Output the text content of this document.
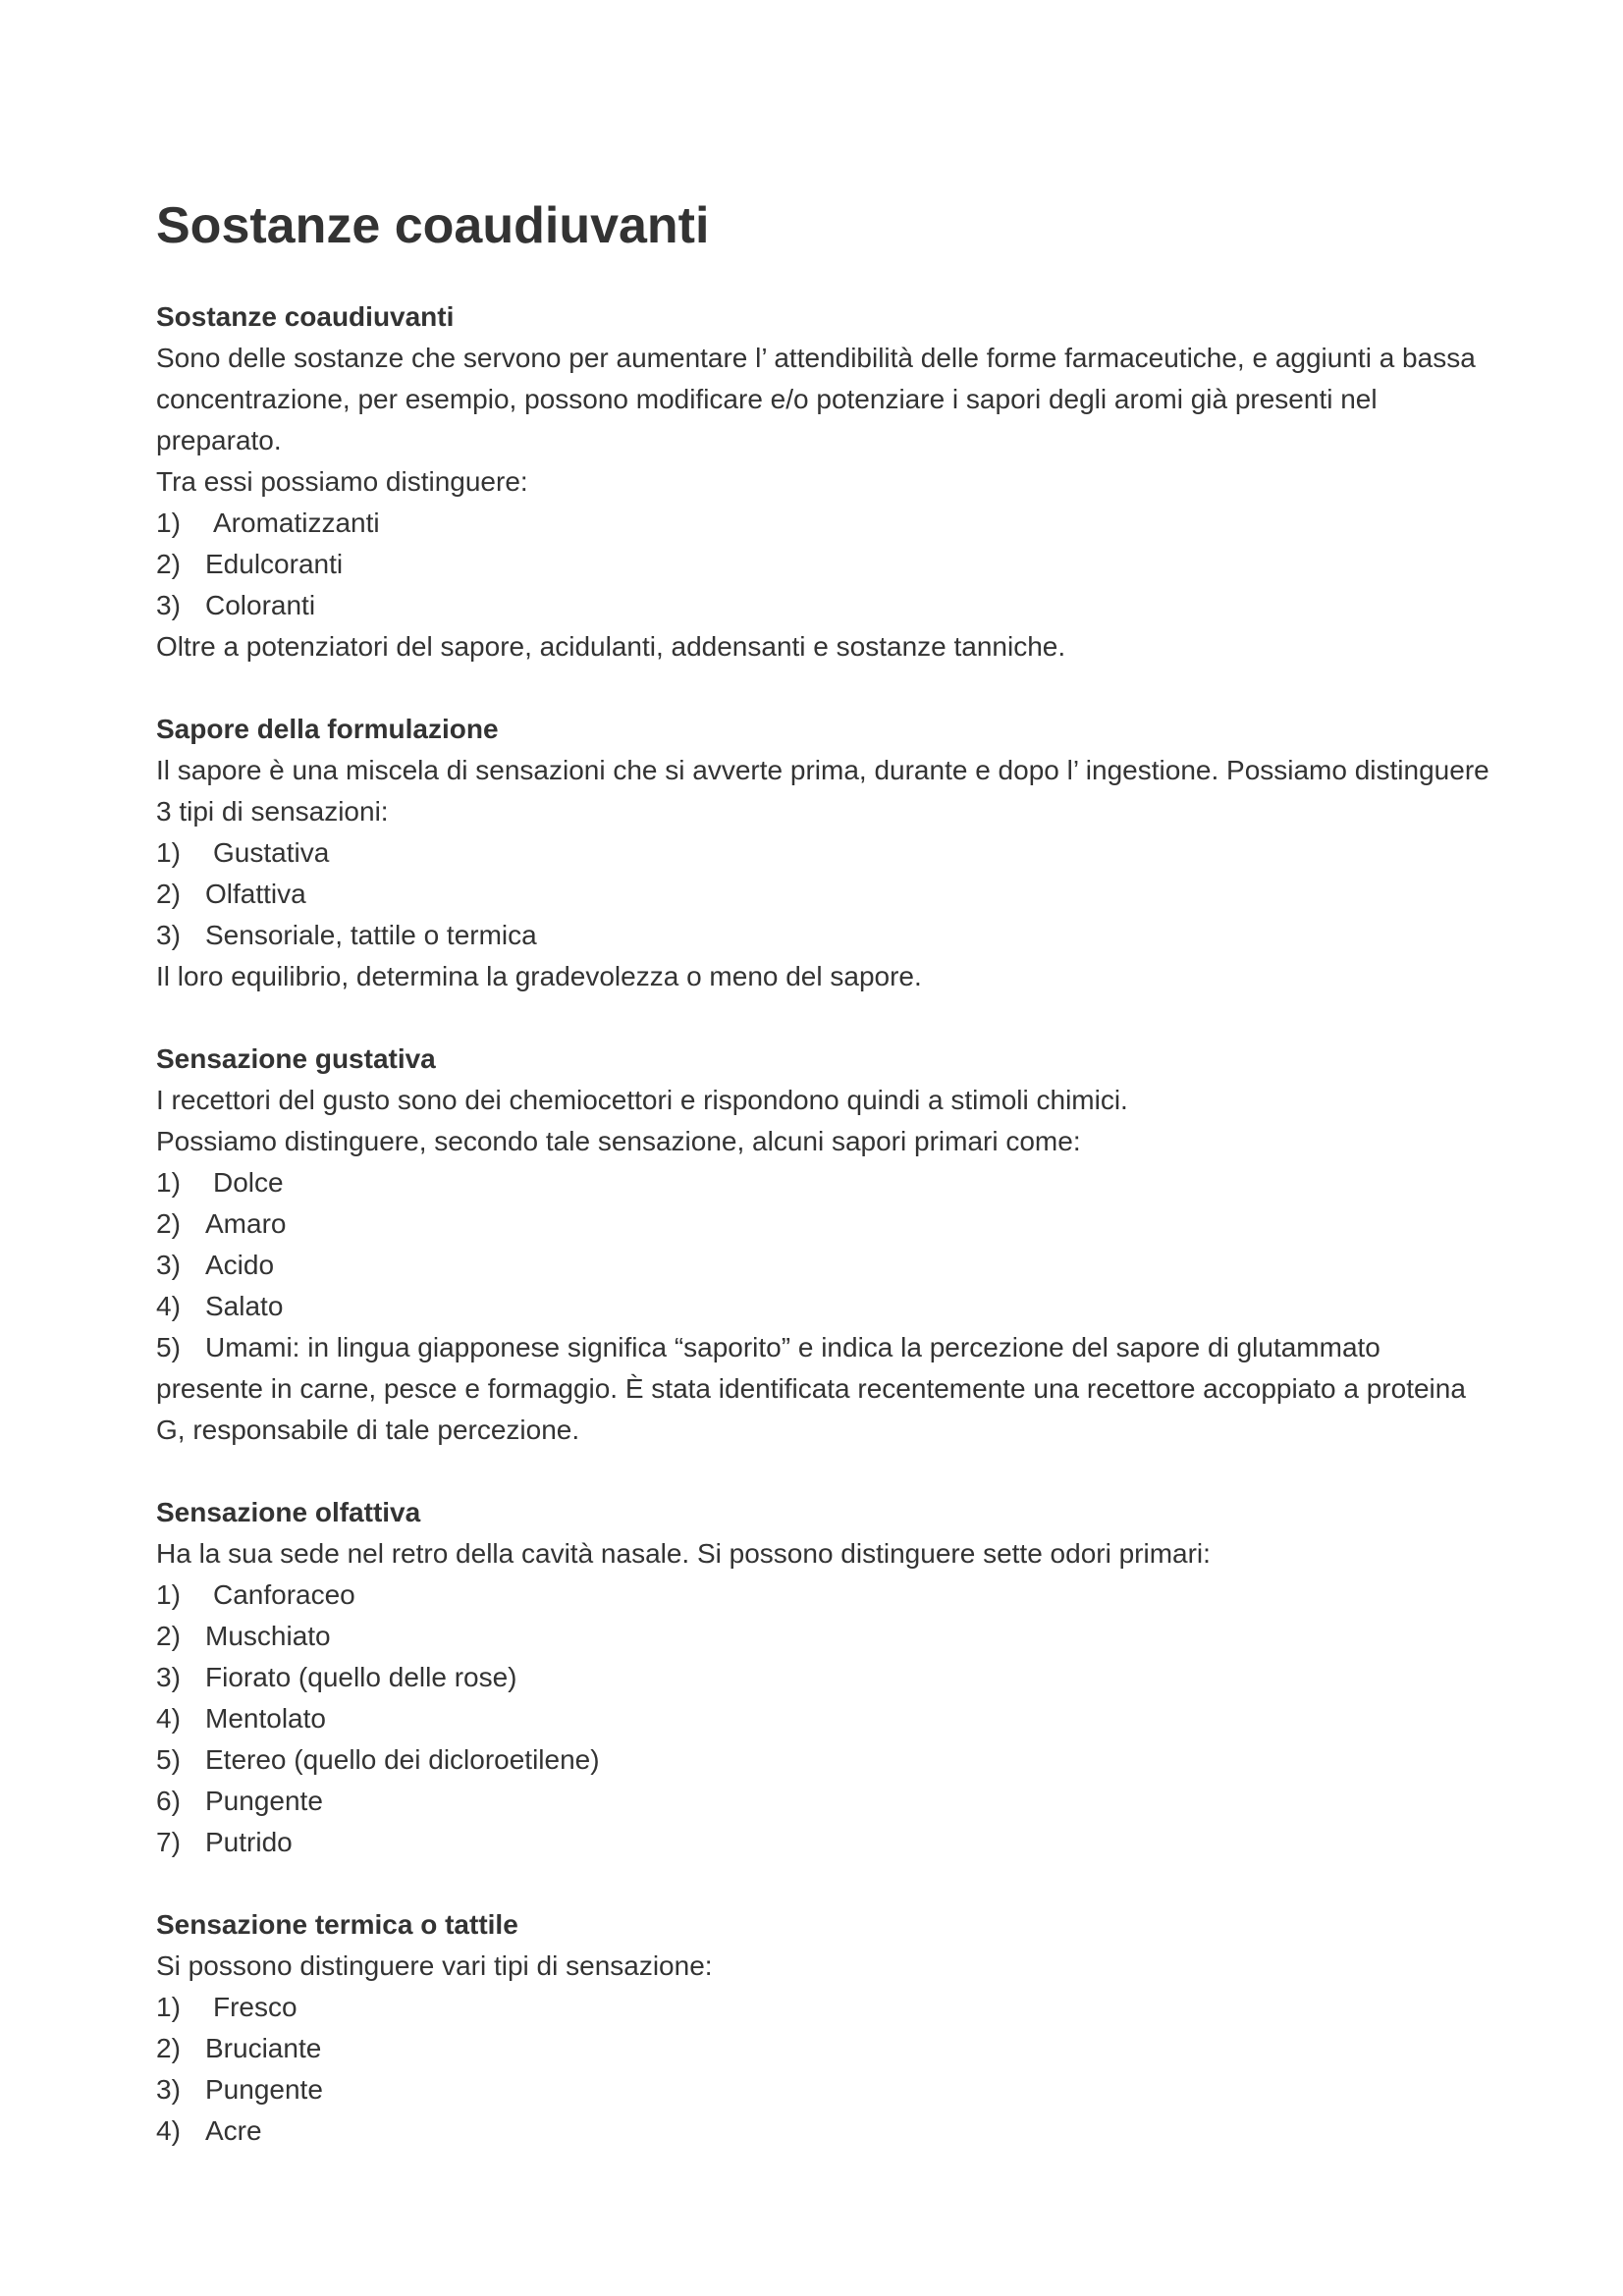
Sostanze coaudiuvanti

Sostanze coaudiuvanti

Sono delle sostanze che servono per aumentare l’ attendibilità delle forme farmaceutiche, e aggiunti a bassa concentrazione, per esempio, possono modificare e/o potenziare i sapori degli aromi già presenti nel preparato.

Tra essi possiamo distinguere:

1) Aromatizzanti
2) Edulcoranti
3) Coloranti

Oltre a potenziatori del sapore, acidulanti, addensanti e sostanze tanniche.

Sapore della formulazione

Il sapore è una miscela di sensazioni che si avverte prima, durante e dopo l’ ingestione. Possiamo distinguere 3 tipi di sensazioni:

1) Gustativa
2) Olfattiva
3) Sensoriale, tattile o termica

Il loro equilibrio, determina la gradevolezza o meno del sapore.

Sensazione gustativa

I recettori del gusto sono dei chemiocettori e rispondono quindi a stimoli chimici.

Possiamo distinguere, secondo tale sensazione, alcuni sapori primari come:

1) Dolce
2) Amaro
3) Acido
4) Salato
5) Umami: in lingua giapponese significa “saporito” e indica la percezione del sapore di glutammato presente in carne, pesce e formaggio. È stata identificata recentemente una recettore accoppiato a proteina G, responsabile di tale percezione.

Sensazione olfattiva

Ha la sua sede nel retro della cavità nasale. Si possono distinguere sette odori primari:

1) Canforaceo
2) Muschiato
3) Fiorato (quello delle rose)
4) Mentolato
5) Etereo (quello dei dicloroetilene)
6) Pungente
7) Putrido

Sensazione termica o tattile

Si possono distinguere vari tipi di sensazione:

1) Fresco
2) Bruciante
3) Pungente
4) Acre
